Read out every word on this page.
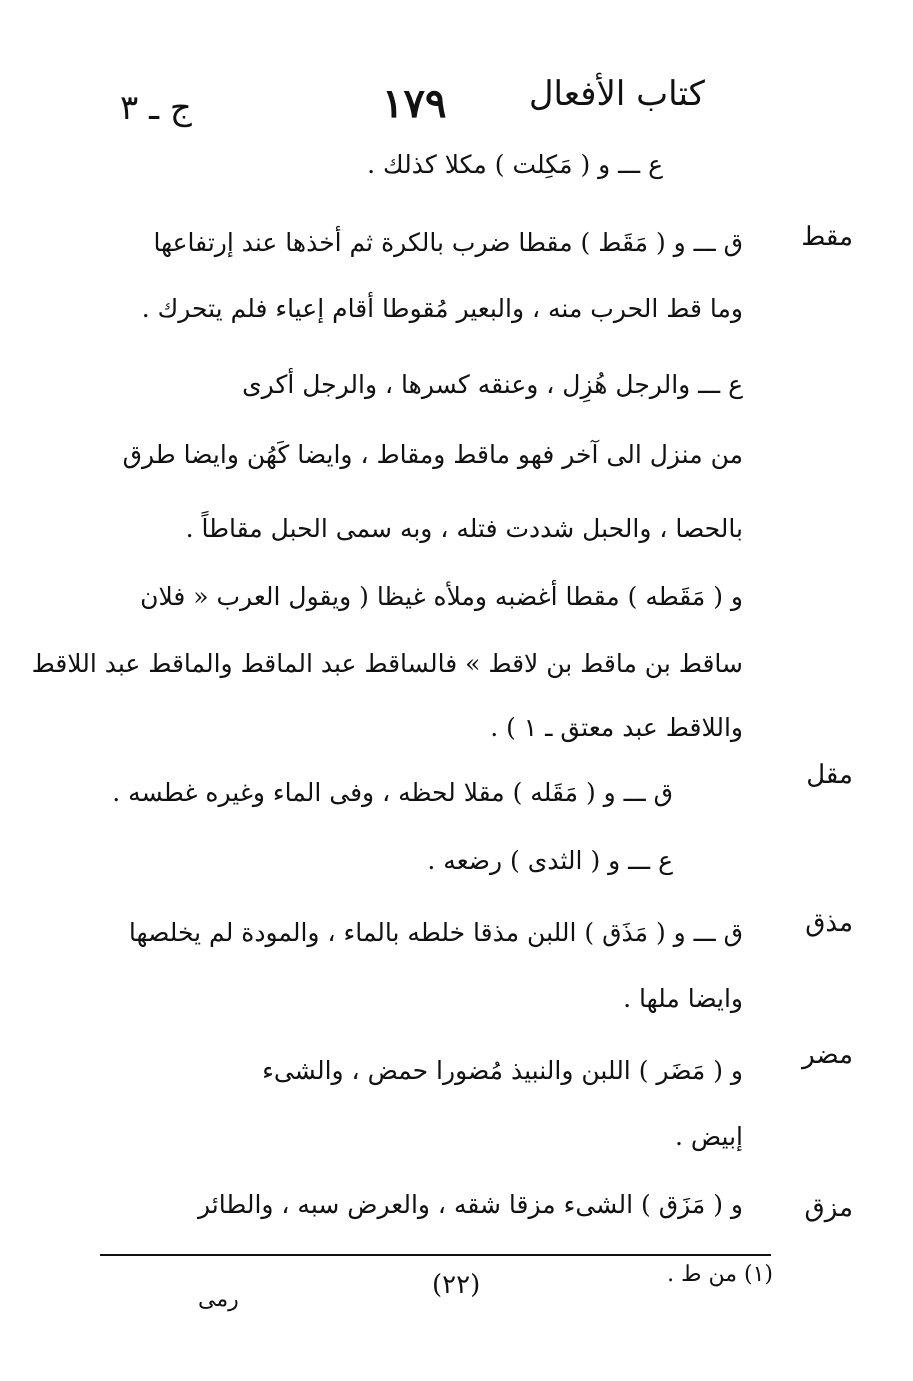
كتاب الأفعال
١٧٩
ج ـ ٣
مقط
مقل
مذق
مضر
مزق
ع ـــ و ( مَكِلت ) مكلا كذلك .
ق ـــ و ( مَقَط ) مقطا ضرب بالكرة ثم أخذها عند إرتفاعها
وما قط الحرب منه ، والبعير مُقوطا أقام إعياء فلم يتحرك .
ع ـــ والرجل هُزِل ، وعنقه كسرها ، والرجل أكرى
من منزل الى آخر فهو ماقط ومقاط ، وايضا كَهُن وايضا طرق
بالحصا ، والحبل شددت فتله ، وبه سمى الحبل مقاطاً .
و ( مَقَطه ) مقطا أغضبه وملأه غيظا ( ويقول العرب « فلان
ساقط بن ماقط بن لاقط » فالساقط عبد الماقط والماقط عبد اللاقط
واللاقط عبد معتق ـ ١ ) .
ق ـــ و ( مَقَله ) مقلا لحظه ، وفى الماء وغيره غطسه .
ع ـــ و ( الثدى ) رضعه .
ق ـــ و ( مَذَق ) اللبن مذقا خلطه بالماء ، والمودة لم يخلصها
وايضا ملها .
و ( مَضَر ) اللبن والنبيذ مُضورا حمض ، والشىء
إبيض .
و ( مَزَق ) الشىء مزقا شقه ، والعرض سبه ، والطائر
(١) من ط .
(٢٢)
رمى
